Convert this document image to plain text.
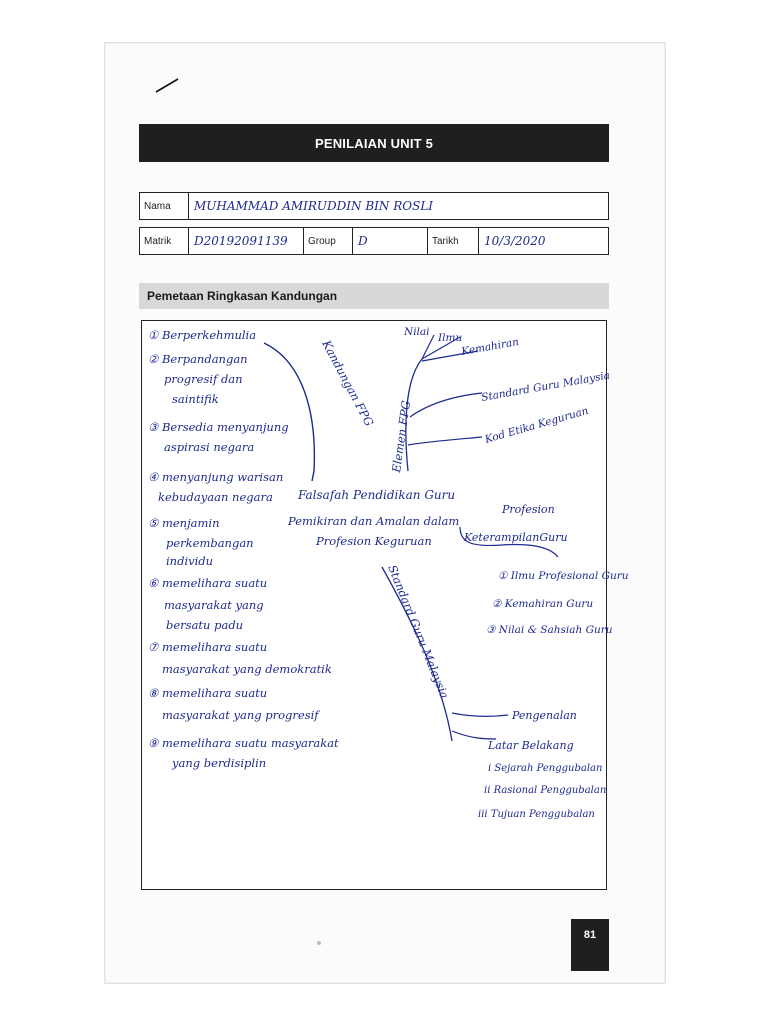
PENILAIAN UNIT 5
Nama	MUHAMMAD AMIRUDDIN BIN ROSLI
Matrik	D20192091139	Group	D	Tarikh	10/3/2020
Pemetaan Ringkasan Kandungan
① Berperkehmulia
② Berpandangan
progresif dan
saintifik
③ Bersedia menyanjung
aspirasi negara
④ menyanjung warisan
kebudayaan negara
⑤ menjamin
perkembangan
individu
⑥ memelihara suatu
masyarakat yang
bersatu padu
⑦ memelihara suatu
masyarakat yang demokratik
⑧ memelihara suatu
masyarakat yang progresif
⑨ memelihara suatu masyarakat
yang berdisiplin
Kandungan FPG
Elemen FPG
Nilai Ilmu
Kemahiran
Standard Guru Malaysia
Kod Etika Keguruan
Falsafah Pendidikan Guru
Pemikiran dan Amalan dalam
Profesion Keguruan
Profesion
KeterampilanGuru
Standard Guru Malaysia	① Ilmu Profesional Guru
② Kemahiran Guru
③ Nilai & Sahsiah Guru
Pengenalan
Latar Belakang
i Sejarah Penggubalan
ii Rasional Penggubalan
iii Tujuan Penggubalan
81
